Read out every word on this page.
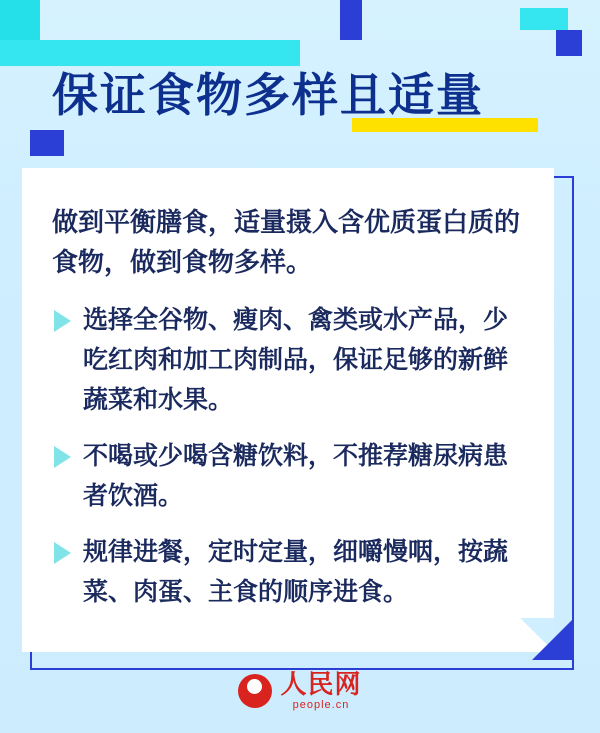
保证食物多样且适量

做到平衡膳食，适量摄入含优质蛋白质的食物，做到食物多样。

选择全谷物、瘦肉、禽类或水产品，少吃红肉和加工肉制品，保证足够的新鲜蔬菜和水果。
不喝或少喝含糖饮料，不推荐糖尿病患者饮酒。
规律进餐，定时定量，细嚼慢咽，按蔬菜、肉蛋、主食的顺序进食。
人民网
people.cn
